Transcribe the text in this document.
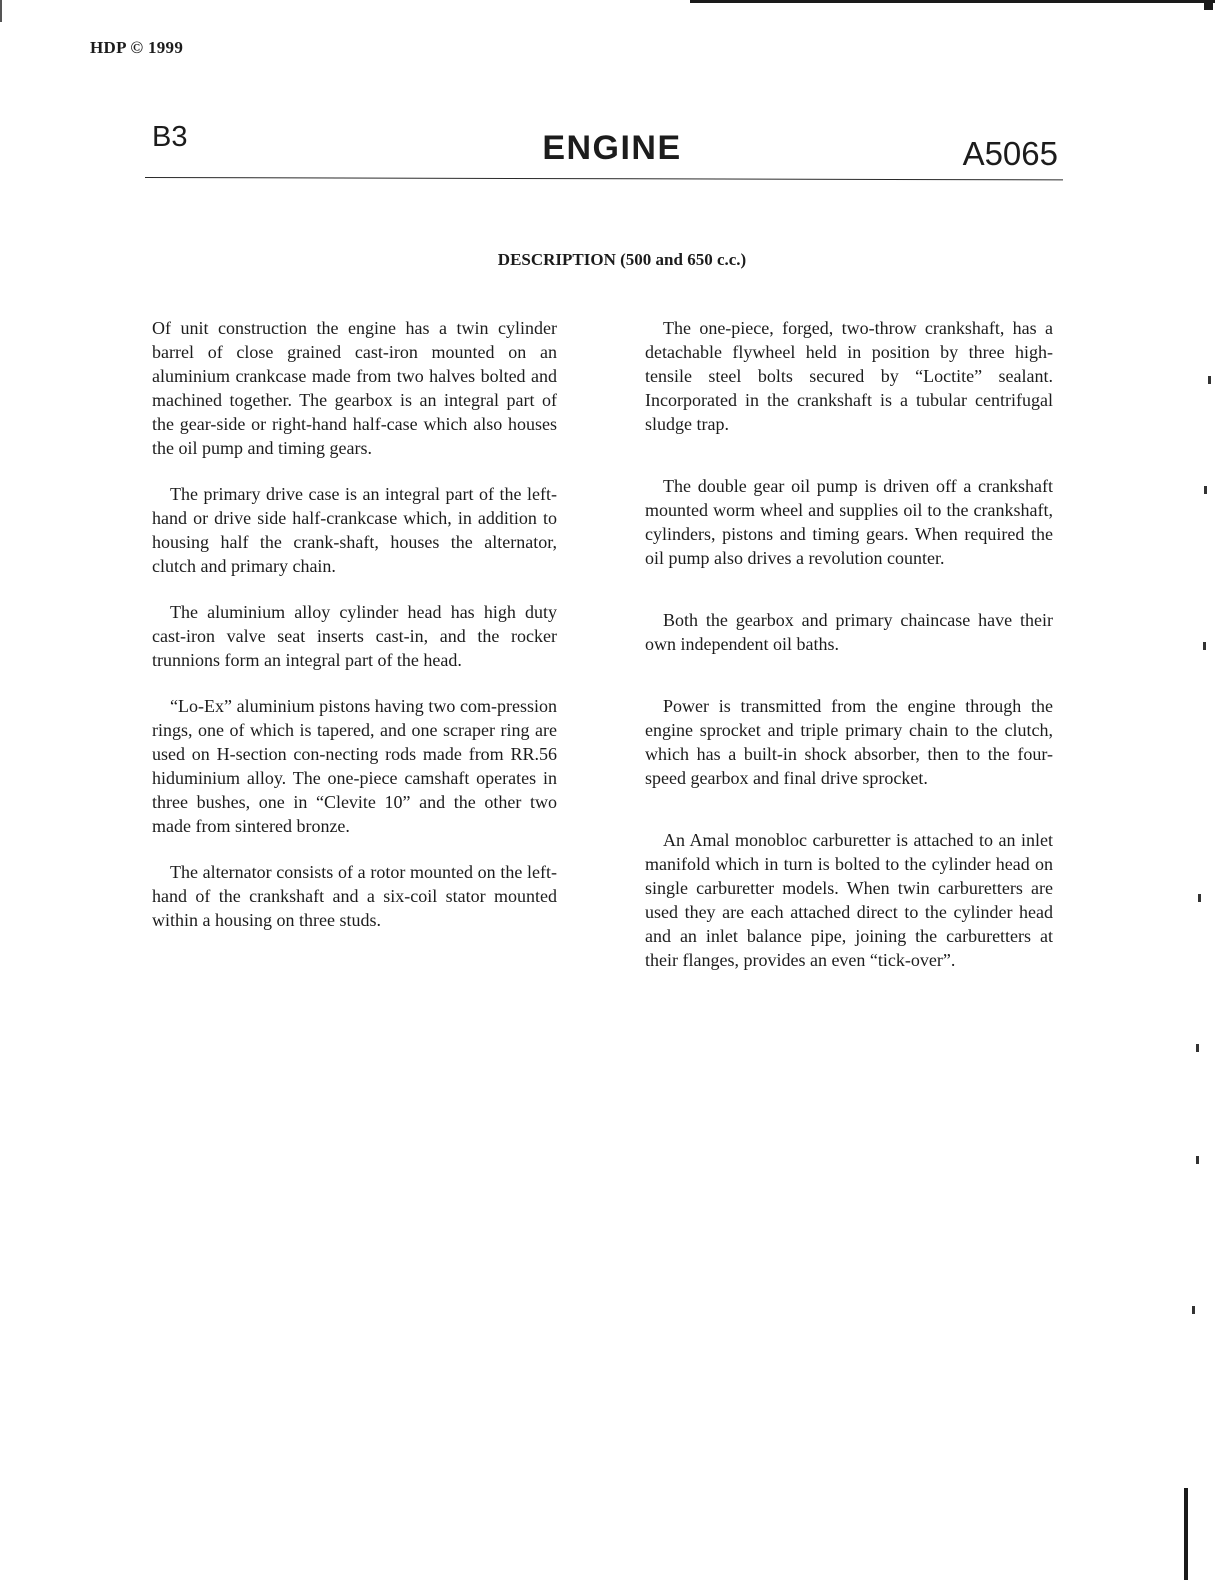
HDP © 1999
B3	ENGINE	A5065
DESCRIPTION (500 and 650 c.c.)

Of unit construction the engine has a twin cylinder barrel of close grained cast-iron mounted on an aluminium crankcase made from two halves bolted and machined together. The gearbox is an integral part of the gear-side or right-hand half-case which also houses the oil pump and timing gears.

The primary drive case is an integral part of the left-hand or drive side half-crankcase which, in addition to housing half the crank-shaft, houses the alternator, clutch and primary chain.

The aluminium alloy cylinder head has high duty cast-iron valve seat inserts cast-in, and the rocker trunnions form an integral part of the head.

“Lo-Ex” aluminium pistons having two com-pression rings, one of which is tapered, and one scraper ring are used on H-section con-necting rods made from RR.56 hiduminium alloy. The one-piece camshaft operates in three bushes, one in “Clevite 10” and the other two made from sintered bronze.

The alternator consists of a rotor mounted on the left-hand of the crankshaft and a six-coil stator mounted within a housing on three studs.

The one-piece, forged, two-throw crankshaft, has a detachable flywheel held in position by three high-tensile steel bolts secured by “Loctite” sealant. Incorporated in the crankshaft is a tubular centrifugal sludge trap.

The double gear oil pump is driven off a crankshaft mounted worm wheel and supplies oil to the crankshaft, cylinders, pistons and timing gears. When required the oil pump also drives a revolution counter.

Both the gearbox and primary chaincase have their own independent oil baths.

Power is transmitted from the engine through the engine sprocket and triple primary chain to the clutch, which has a built-in shock absorber, then to the four-speed gearbox and final drive sprocket.

An Amal monobloc carburetter is attached to an inlet manifold which in turn is bolted to the cylinder head on single carburetter models. When twin carburetters are used they are each attached direct to the cylinder head and an inlet balance pipe, joining the carburetters at their flanges, provides an even “tick-over”.
